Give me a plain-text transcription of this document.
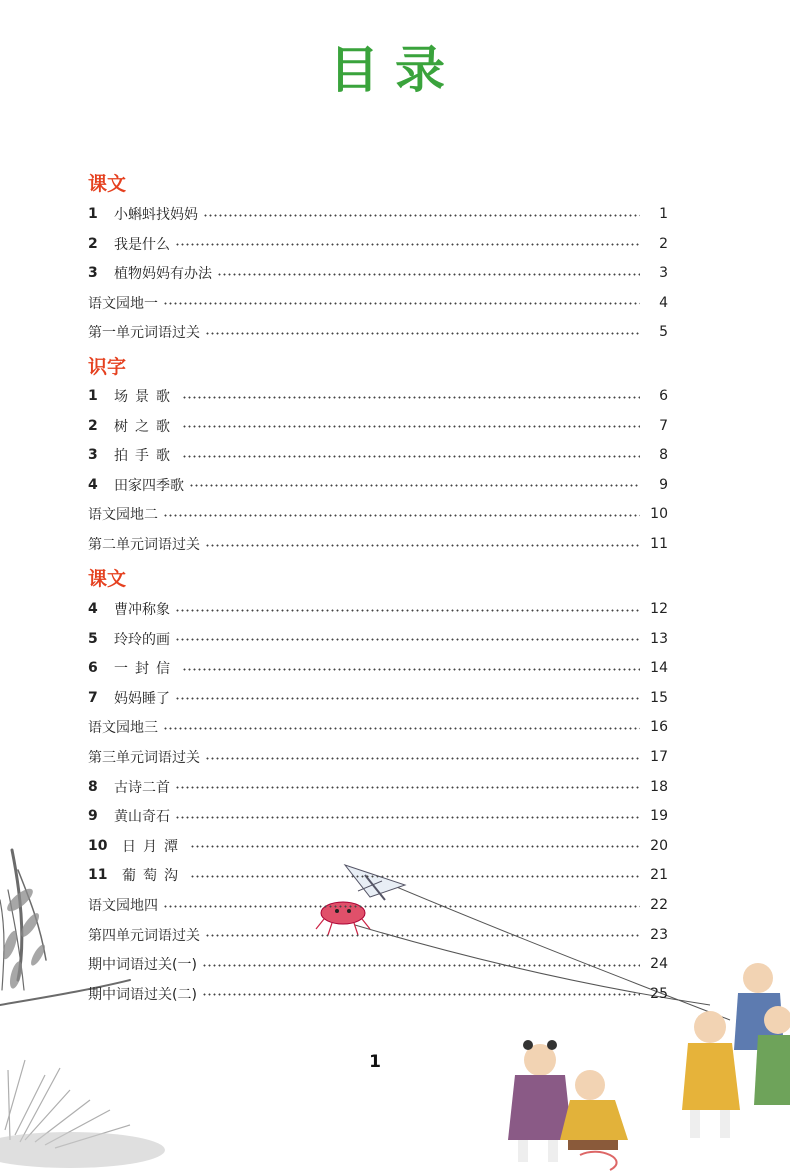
目录
课文
1	小蝌蚪找妈妈	1
2	我是什么	2
3	植物妈妈有办法	3
语文园地一	4
第一单元词语过关	5
识字
1	场景歌	6
2	树之歌	7
3	拍手歌	8
4	田家四季歌	9
语文园地二	10
第二单元词语过关	11
课文
4	曹冲称象	12
5	玲玲的画	13
6	一封信	14
7	妈妈睡了	15
语文园地三	16
第三单元词语过关	17
8	古诗二首	18
9	黄山奇石	19
10	日月潭	20
11	葡萄沟	21
语文园地四	22
第四单元词语过关	23
期中词语过关(一)	24
期中词语过关(二)	25
1
